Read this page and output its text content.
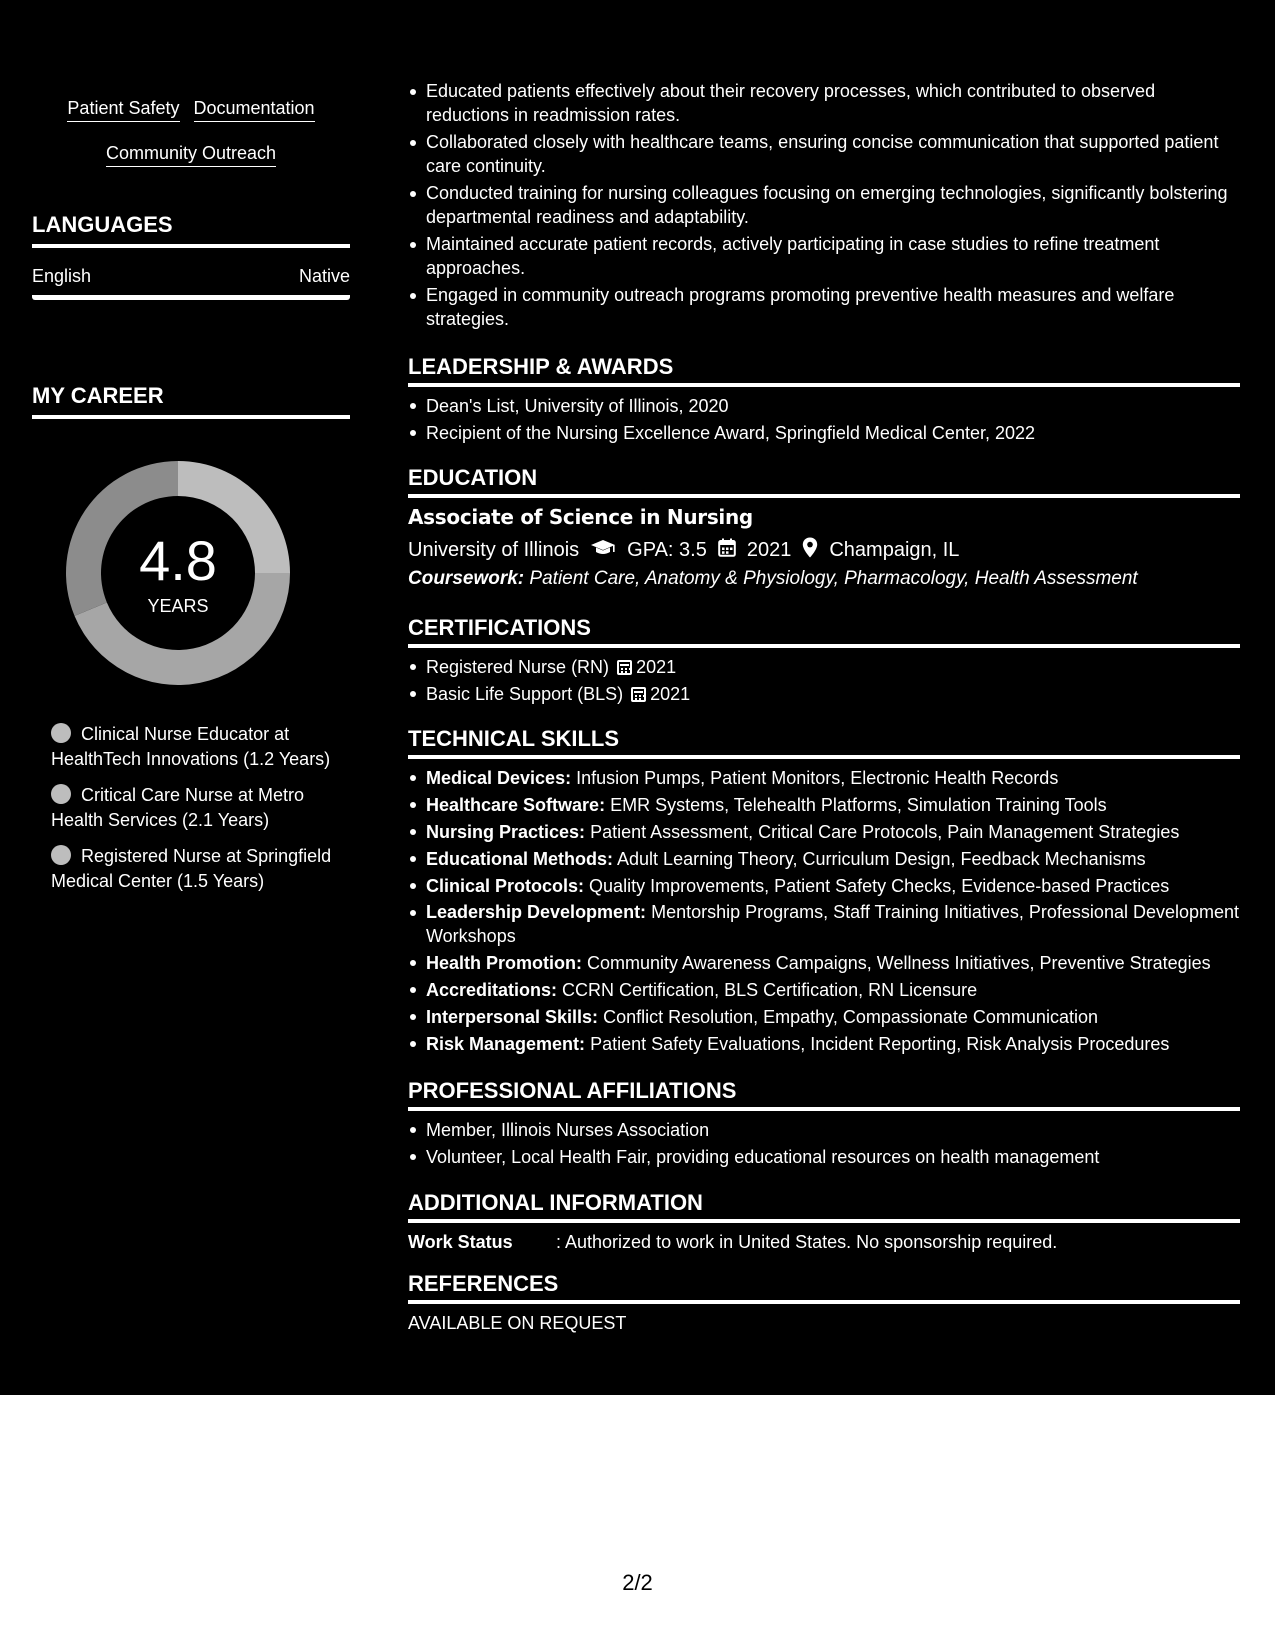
Patient Safety Documentation
Community Outreach
LANGUAGES
English	Native
MY CAREER
4.8
YEARS
Clinical Nurse Educator at HealthTech Innovations (1.2 Years)
Critical Care Nurse at Metro Health Services (2.1 Years)
Registered Nurse at Springfield Medical Center (1.5 Years)
Educated patients effectively about their recovery processes, which contributed to observed reductions in readmission rates.
Collaborated closely with healthcare teams, ensuring concise communication that supported patient care continuity.
Conducted training for nursing colleagues focusing on emerging technologies, significantly bolstering departmental readiness and adaptability.
Maintained accurate patient records, actively participating in case studies to refine treatment approaches.
Engaged in community outreach programs promoting preventive health measures and welfare strategies.
LEADERSHIP & AWARDS
Dean's List, University of Illinois, 2020
Recipient of the Nursing Excellence Award, Springfield Medical Center, 2022
EDUCATION
Associate of Science in Nursing
University of Illinois GPA: 3.5 2021 Champaign, IL
Coursework: Patient Care, Anatomy & Physiology, Pharmacology, Health Assessment
CERTIFICATIONS
Registered Nurse (RN) 2021
Basic Life Support (BLS) 2021
TECHNICAL SKILLS
Medical Devices: Infusion Pumps, Patient Monitors, Electronic Health Records
Healthcare Software: EMR Systems, Telehealth Platforms, Simulation Training Tools
Nursing Practices: Patient Assessment, Critical Care Protocols, Pain Management Strategies
Educational Methods: Adult Learning Theory, Curriculum Design, Feedback Mechanisms
Clinical Protocols: Quality Improvements, Patient Safety Checks, Evidence-based Practices
Leadership Development: Mentorship Programs, Staff Training Initiatives, Professional Development Workshops
Health Promotion: Community Awareness Campaigns, Wellness Initiatives, Preventive Strategies
Accreditations: CCRN Certification, BLS Certification, RN Licensure
Interpersonal Skills: Conflict Resolution, Empathy, Compassionate Communication
Risk Management: Patient Safety Evaluations, Incident Reporting, Risk Analysis Procedures
PROFESSIONAL AFFILIATIONS
Member, Illinois Nurses Association
Volunteer, Local Health Fair, providing educational resources on health management
ADDITIONAL INFORMATION
Work Status : Authorized to work in United States. No sponsorship required.
REFERENCES
AVAILABLE ON REQUEST
2/2
